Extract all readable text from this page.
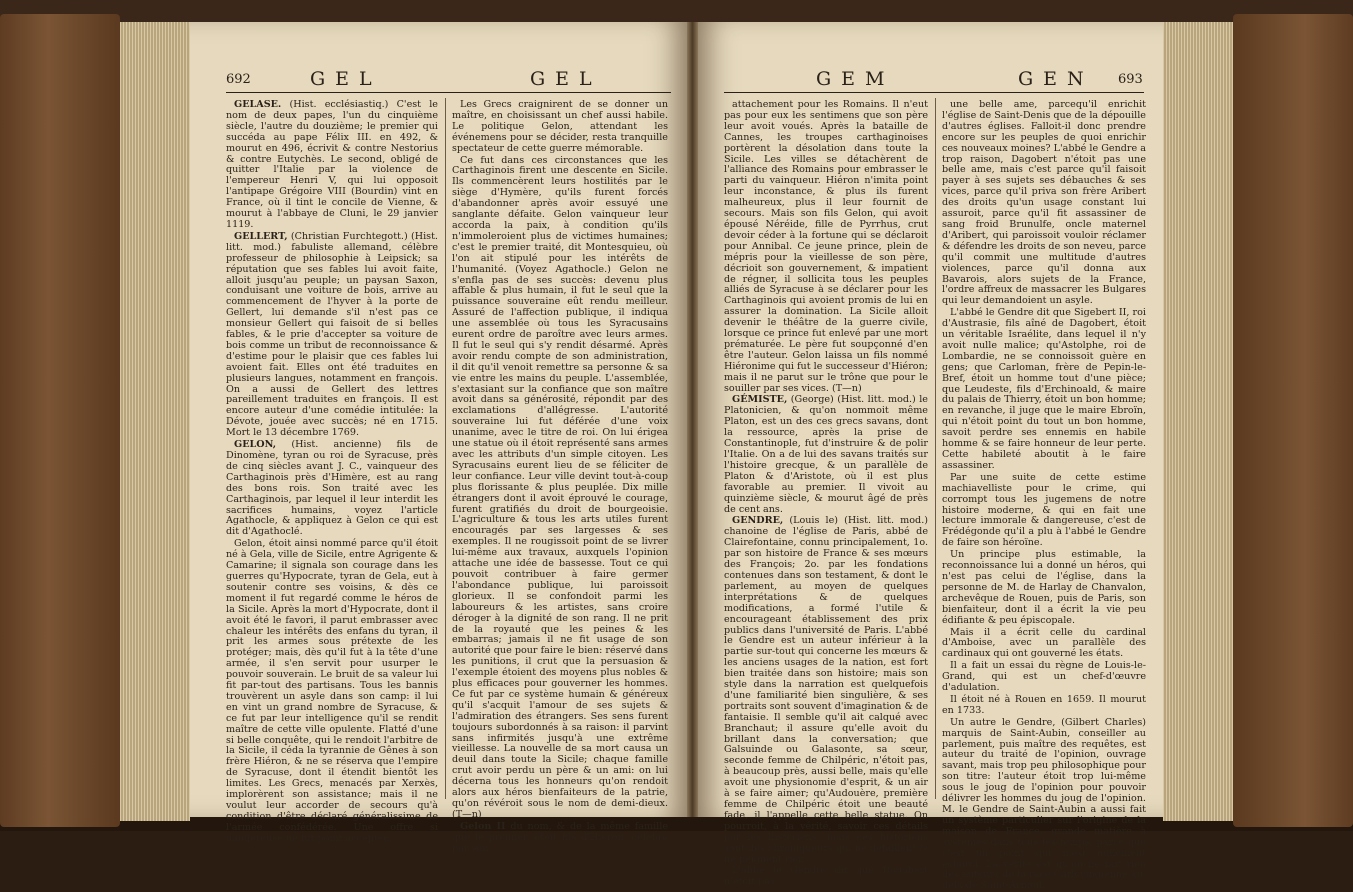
692	GEL	GEL

GELASE. (Hist. ecclésiastiq.) C'est le nom de deux papes, l'un du cinquième siècle, l'autre du douzième; le premier qui succéda au pape Félix III. en 492, & mourut en 496, écrivit & contre Nestorius & contre Eutychès. Le second, obligé de quitter l'Italie par la violence de l'empereur Henri V, qui lui opposoit l'antipape Grégoire VIII (Bourdin) vint en France, où il tint le concile de Vienne, & mourut à l'abbaye de Cluni, le 29 janvier 1119.

GELLERT, (Christian Furchtegott.) (Hist. litt. mod.) fabuliste allemand, célèbre professeur de philosophie à Leipsick; sa réputation que ses fables lui avoit faite, alloit jusqu'au peuple; un paysan Saxon, conduisant une voiture de bois, arrive au commencement de l'hyver à la porte de Gellert, lui demande s'il n'est pas ce monsieur Gellert qui faisoit de si belles fables, & le prie d'accepter sa voiture de bois comme un tribut de reconnoissance & d'estime pour le plaisir que ces fables lui avoient fait. Elles ont été traduites en plusieurs langues, notamment en françois. On a aussi de Gellert des lettres pareillement traduites en françois. Il est encore auteur d'une comédie intitulée: la Dévote, jouée avec succès; né en 1715. Mort le 13 décembre 1769.

GELON, (Hist. ancienne) fils de Dinomène, tyran ou roi de Syracuse, près de cinq siècles avant J. C., vainqueur des Carthaginois près d'Himère, est au rang des bons rois. Son traité avec les Carthaginois, par lequel il leur interdit les sacrifices humains, voyez l'article Agathocle, & appliquez à Gelon ce qui est dit d'Agathoclé.

Gelon, étoit ainsi nommé parce qu'il étoit né à Gela, ville de Sicile, entre Agrigente & Camarine; il signala son courage dans les guerres qu'Hypocrate, tyran de Gela, eut à soutenir contre ses voisins, & dès ce moment il fut regardé comme le héros de la Sicile. Après la mort d'Hypocrate, dont il avoit été le favori, il parut embrasser avec chaleur les intérêts des enfans du tyran, il prit les armes sous prétexte de les protéger; mais, dès qu'il fut à la tête d'une armée, il s'en servit pour usurper le pouvoir souverain. Le bruit de sa valeur lui fit par-tout des partisans. Tous les bannis trouvèrent un asyle dans son camp: il lui en vint un grand nombre de Syracuse, & ce fut par leur intelligence qu'il se rendit maître de cette ville opulente. Flatté d'une si belle conquête, qui le rendoit l'arbitre de la Sicile, il céda la tyrannie de Gênes à son frère Hiéron, & ne se réserva que l'empire de Syracuse, dont il étendit bientôt les limites. Les Grecs, menacés par Xerxès, implorèrent son assistance; mais il ne voulut leur accorder de secours qu'à condition d'être déclaré généralissime de l'armée confédérée. Une offre si dangereuse ne fut point acceptée,

Les Grecs craignirent de se donner un maître, en choisissant un chef aussi habile. Le politique Gelon, attendant les événemens pour se décider, resta tranquille spectateur de cette guerre mémorable.

Ce fut dans ces circonstances que les Carthaginois firent une descente en Sicile. Ils commencèrent leurs hostilités par le siège d'Hymère, qu'ils furent forcés d'abandonner après avoir essuyé une sanglante défaite. Gelon vainqueur leur accorda la paix, à condition qu'ils n'immoleroient plus de victimes humaines; c'est le premier traité, dit Montesquieu, où l'on ait stipulé pour les intérêts de l'humanité. (Voyez Agathocle.) Gelon ne s'enfla pas de ses succès: devenu plus affable & plus humain, il fut le seul que la puissance souveraine eût rendu meilleur. Assuré de l'affection publique, il indiqua une assemblée où tous les Syracusains eurent ordre de paroître avec leurs armes. Il fut le seul qui s'y rendit désarmé. Après avoir rendu compte de son administration, il dit qu'il venoit remettre sa personne & sa vie entre les mains du peuple. L'assemblée, s'extasiant sur la confiance que son maître avoit dans sa générosité, répondit par des exclamations d'allégresse. L'autorité souveraine lui fut déférée d'une voix unanime, avec le titre de roi. On lui érigea une statue où il étoit représenté sans armes avec les attributs d'un simple citoyen. Les Syracusains eurent lieu de se féliciter de leur confiance. Leur ville devint tout-à-coup plus florissante & plus peuplée. Dix mille étrangers dont il avoit éprouvé le courage, furent gratifiés du droit de bourgeoisie. L'agriculture & tous les arts utiles furent encouragés par ses largesses & ses exemples. Il ne rougissoit point de se livrer lui-même aux travaux, auxquels l'opinion attache une idée de bassesse. Tout ce qui pouvoit contribuer à faire germer l'abondance publique, lui paroissoit glorieux. Il se confondoit parmi les laboureurs & les artistes, sans croire déroger à la dignité de son rang. Il ne prit de la royauté que les peines & les embarras; jamais il ne fit usage de son autorité que pour faire le bien: réservé dans les punitions, il crut que la persuasion & l'exemple étoient des moyens plus nobles & plus efficaces pour gouverner les hommes. Ce fut par ce système humain & généreux qu'il s'acquit l'amour de ses sujets & l'admiration des étrangers. Ses sens furent toujours subordonnés à sa raison: il parvint sans infirmités jusqu'à une extrême vieillesse. La nouvelle de sa mort causa un deuil dans toute la Sicile; chaque famille crut avoir perdu un père & un ami: on lui décerna tous les honneurs qu'on rendoit alors aux héros bienfaiteurs de la patrie, qu'on révéroit sous le nom de demi-dieux. (T—n)

Gelon II du nom, & de la même famille que le premier, étoit fils d'Hiéron, célèbre par son

GEM	GEN 693

attachement pour les Romains. Il n'eut pas pour eux les sentimens que son père leur avoit voués. Après la bataille de Cannes, les troupes carthaginoises portèrent la désolation dans toute la Sicile. Les villes se détachèrent de l'alliance des Romains pour embrasser le parti du vainqueur. Hiéron n'imita point leur inconstance, & plus ils furent malheureux, plus il leur fournit de secours. Mais son fils Gelon, qui avoit épousé Néréide, fille de Pyrrhus, crut devoir céder à la fortune qui se déclaroit pour Annibal. Ce jeune prince, plein de mépris pour la vieillesse de son père, décrioit son gouvernement, & impatient de régner, il sollicita tous les peuples alliés de Syracuse à se déclarer pour les Carthaginois qui avoient promis de lui en assurer la domination. La Sicile alloit devenir le théâtre de la guerre civile, lorsque ce prince fut enlevé par une mort prématurée. Le père fut soupçonné d'en être l'auteur. Gelon laissa un fils nommé Hiéronime qui fut le successeur d'Hiéron; mais il ne parut sur le trône que pour le souiller par ses vices. (T—n)

GÉMISTE, (George) (Hist. litt. mod.) le Platonicien, & qu'on nommoit même Platon, est un des ces grecs savans, dont la ressource, après la prise de Constantinople, fut d'instruire & de polir l'Italie. On a de lui des savans traités sur l'histoire grecque, & un parallèle de Platon & d'Aristote, où il est plus favorable au premier. Il vivoit au quinzième siècle, & mourut âgé de près de cent ans.

GENDRE, (Louis le) (Hist. litt. mod.) chanoine de l'église de Paris, abbé de Clairefontaine, connu principalement, 1o. par son histoire de France & ses mœurs des François; 2o. par les fondations contenues dans son testament, & dont le parlement, au moyen de quelques interprétations & de quelques modifications, a formé l'utile & encourageant établissement des prix publics dans l'université de Paris. L'abbé le Gendre est un auteur inférieur à la partie sur-tout qui concerne les mœurs & les anciens usages de la nation, est fort bien traitée dans son histoire; mais son style dans la narration est quelquefois d'une familiarité bien singulière, & ses portraits sont souvent d'imagination & de fantaisie. Il semble qu'il ait calqué avec Branchaut; il assure qu'elle avoit du brillant dans la conversation; que Galsuinde ou Galasonte, sa sœur, seconde femme de Chilpéric, n'étoit pas, à beaucoup près, aussi belle, mais qu'elle avoit une physionomie d'esprit, & un air à se faire aimer; qu'Audouère, première femme de Chilpéric étoit une beauté fade, il l'appelle cette belle statue. On pourroit, à la vérité, savoir ces détails par les historiens; mais ces historiens sont des chroniqueurs qui ne détaillent & ne peignent rien.

L'abbé le Gendre dit que Dagobert n'étoit pas

une belle ame, parcequ'il enrichit l'église de Saint-Denis que de la dépouille d'autres églises. Falloit-il donc prendre encore sur les peuples de quoi enrichir ces nouveaux moines? L'abbé le Gendre a trop raison, Dagobert n'étoit pas une belle ame, mais c'est parce qu'il faisoit payer à ses sujets ses débauches & ses vices, parce qu'il priva son frère Aribert des droits qu'un usage constant lui assuroit, parce qu'il fit assassiner de sang froid Brunulfe, oncle maternel d'Aribert, qui paroissoit vouloir réclamer & défendre les droits de son neveu, parce qu'il commit une multitude d'autres violences, parce qu'il donna aux Bavarois, alors sujets de la France, l'ordre affreux de massacrer les Bulgares qui leur demandoient un asyle.

L'abbé le Gendre dit que Sigebert II, roi d'Austrasie, fils aîné de Dagobert, étoit un véritable Israélite, dans lequel il n'y avoit nulle malice; qu'Astolphe, roi de Lombardie, ne se connoissoit guère en gens; que Carloman, frère de Pepin-le-Bref, étoit un homme tout d'une pièce; que Leudeste, fils d'Erchinoald, & maire du palais de Thierry, étoit un bon homme; en revanche, il juge que le maire Ebroïn, qui n'étoit point du tout un bon homme, savoit perdre ses ennemis en habile homme & se faire honneur de leur perte. Cette habileté aboutit à le faire assassiner.

Par une suite de cette estime machiavelliste pour le crime, qui corrompt tous les jugemens de notre histoire moderne, & qui en fait une lecture immorale & dangereuse, c'est de Frédégonde qu'il a plu à l'abbé le Gendre de faire son héroïne.

Un principe plus estimable, la reconnoissance lui a donné un héros, qui n'est pas celui de l'église, dans la personne de M. de Harlay de Chanvalon, archevêque de Rouen, puis de Paris, son bienfaiteur, dont il a écrit la vie peu édifiante & peu épiscopale.

Mais il a écrit celle du cardinal d'Amboise, avec un parallèle des cardinaux qui ont gouverné les états.

Il a fait un essai du règne de Louis-le-Grand, qui est un chef-d'œuvre d'adulation.

Il étoit né à Rouen en 1659. Il mourut en 1733.

Un autre le Gendre, (Gilbert Charles) marquis de Saint-Aubin, conseiller au parlement, puis maître des requêtes, est auteur du traité de l'opinion, ouvrage savant, mais trop peu philosophique pour son titre: l'auteur étoit trop lui-même sous le joug de l'opinion pour pouvoir délivrer les hommes du joug de l'opinion. M. le Gendre de Saint-Aubin a aussi fait un système particulier sur l'origine de la maison de France, grande matière à systèmes dans tous les temps, parce que c'est un point qui n'est nullement éclairci. La vérité est qu'on ne fait rien des auteurs de la race Carlovingienne au-delà de Saint-Arnoul,
